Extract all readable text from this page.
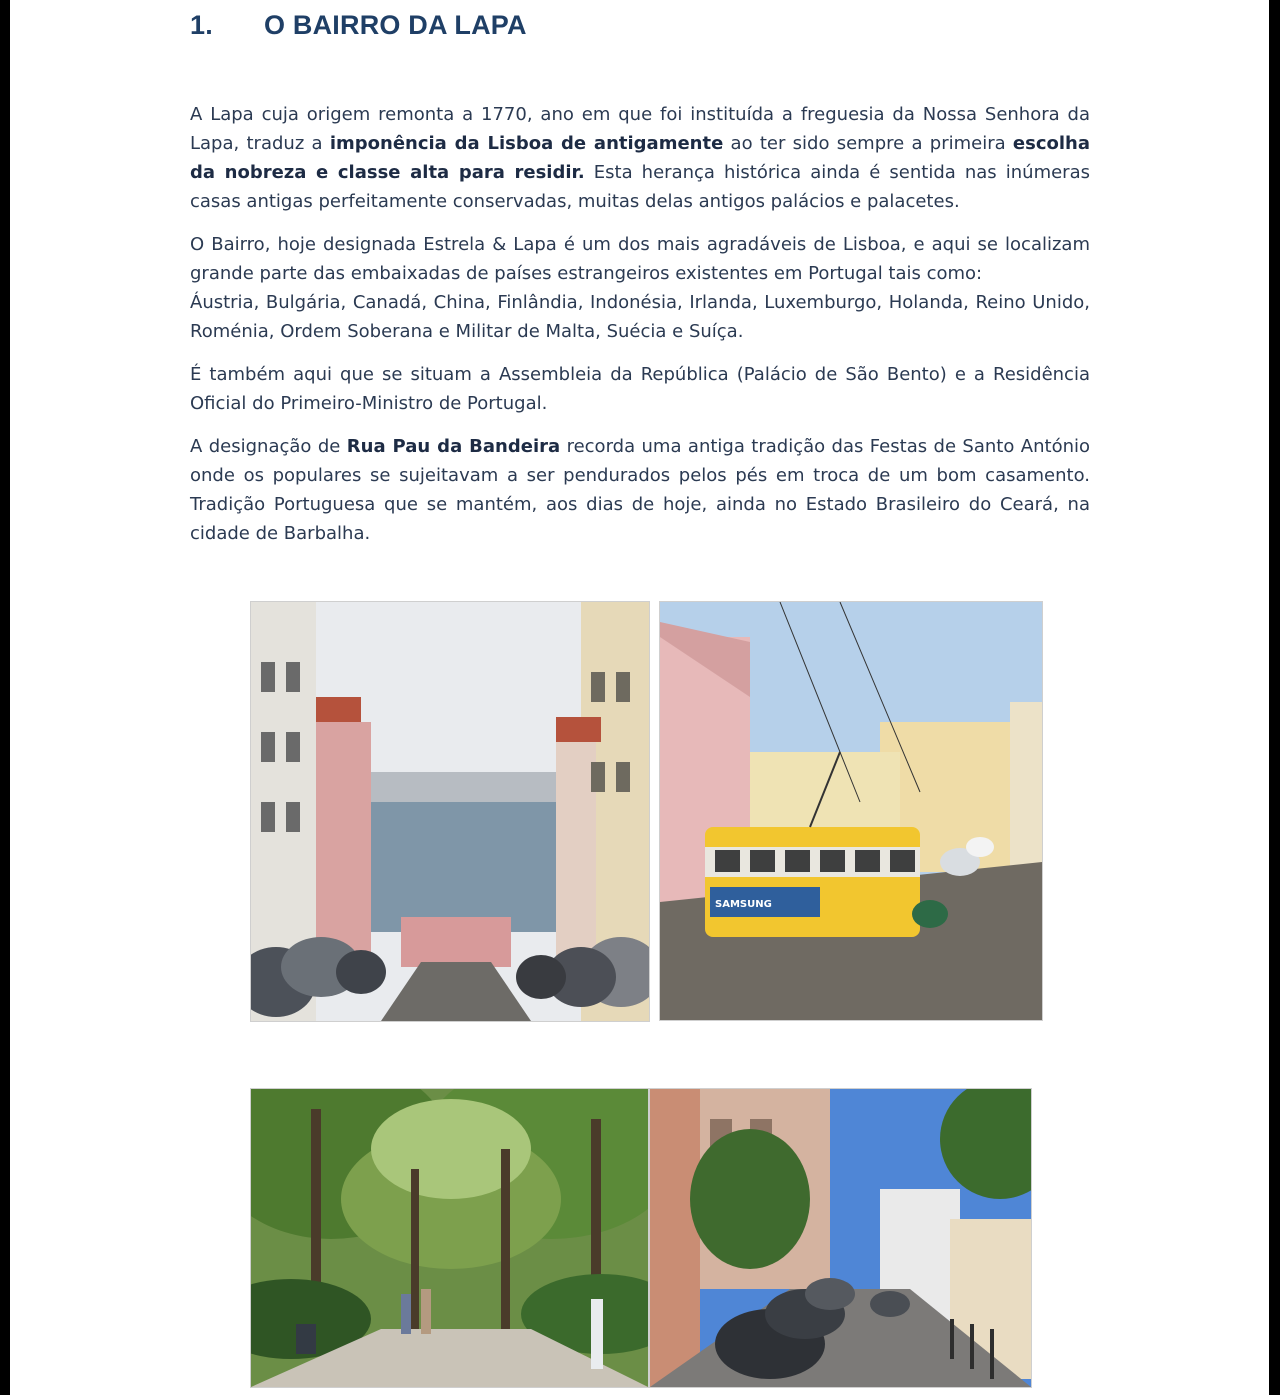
1. O BAIRRO DA LAPA

A Lapa cuja origem remonta a 1770, ano em que foi instituída a freguesia da Nossa Senhora da Lapa, traduz a imponência da Lisboa de antigamente ao ter sido sempre a primeira escolha da nobreza e classe alta para residir. Esta herança histórica ainda é sentida nas inúmeras casas antigas perfeitamente conservadas, muitas delas antigos palácios e palacetes.

O Bairro, hoje designada Estrela & Lapa é um dos mais agradáveis de Lisboa, e aqui se localizam grande parte das embaixadas de países estrangeiros existentes em Portugal tais como:

Áustria, Bulgária, Canadá, China, Finlândia, Indonésia, Irlanda, Luxemburgo, Holanda, Reino Unido, Roménia, Ordem Soberana e Militar de Malta, Suécia e Suíça.

É também aqui que se situam a Assembleia da República (Palácio de São Bento) e a Residência Oficial do Primeiro-Ministro de Portugal.

A designação de Rua Pau da Bandeira recorda uma antiga tradição das Festas de Santo António onde os populares se sujeitavam a ser pendurados pelos pés em troca de um bom casamento. Tradição Portuguesa que se mantém, aos dias de hoje, ainda no Estado Brasileiro do Ceará, na cidade de Barbalha.

SAMSUNG
